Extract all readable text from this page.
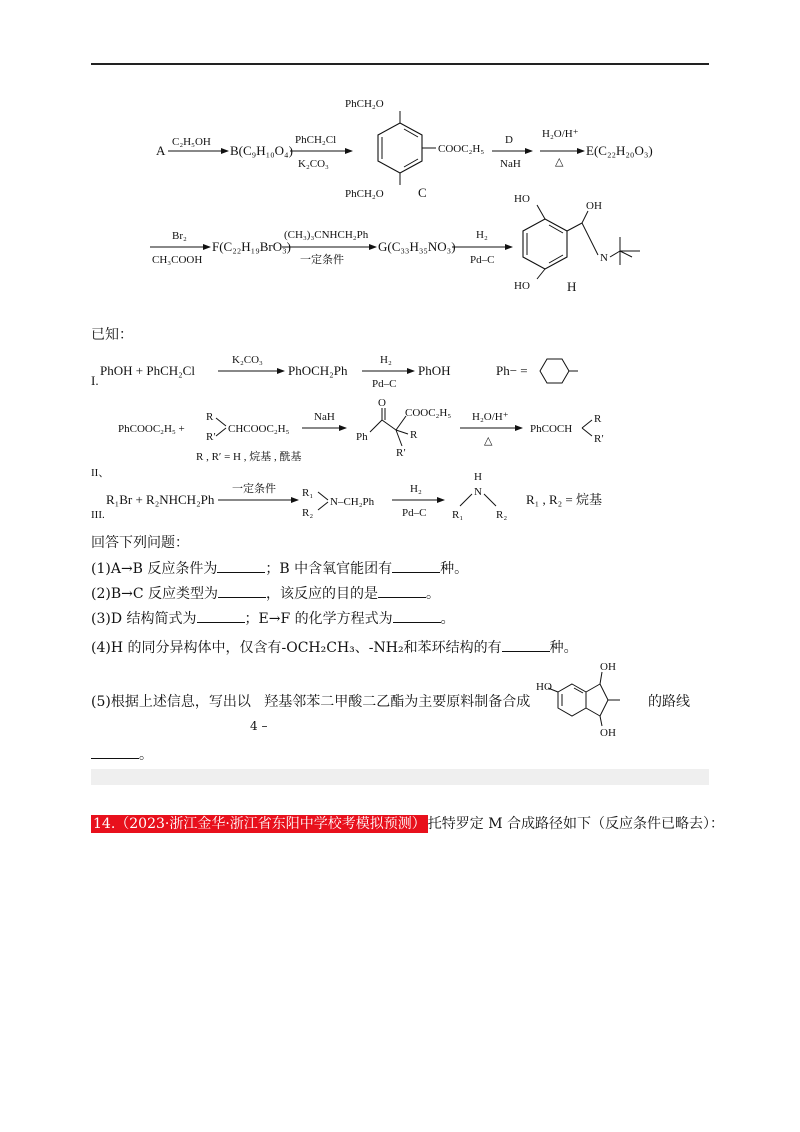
A
C₂H₅OH
B(C₉H₁₀O₄)
PhCH₂Cl
K₂CO₃
PhCH₂O
PhCH₂O
COOC₂H₅
C
D
NaH
H₂O/H⁺
△
E(C₂₂H₂₀O₃)
Br₂
CH₃COOH
F(C₂₂H₁₉BrO₃)
(CH₃)₃CNHCH₂Ph
一定条件
G(C₃₃H₃₅NO₃)
H₂
Pd–C
HO
HO
OH
N
H
已知：
I.
PhOH + PhCH₂Cl
K₂CO₃
PhOCH₂Ph
H₂
Pd–C
PhOH	Ph− =
PhCOOC₂H₅ +
R
R′
CHCOOC₂H₅
NaH
R , R′ = H , 烷基 , 酰基
Ph
O
COOC₂H₅
R
R′
H₂O/H⁺
△
PhCOCH
R
R′
II、
R₁Br + R₂NHCH₂Ph
一定条件 R₁
R₂
N–CH₂Ph
H₂
Pd–C
H
N
R₁	R₂
R₁ , R₂ = 烷基
III.
回答下列问题：
(1)A→B 反应条件为	；B 中含氧官能团有	种。
(2)B→C 反应类型为	，该反应的目的是	。
(3)D 结构简式为	；E→F 的化学方程式为	。
(4)H 的同分异构体中，仅含有-OCH₂CH₃、-NH₂和苯环结构的有	种。
(5)根据上述信息，写出以 羟基邻苯二甲酸二乙酯为主要原料制备合成
HO
OH
OH
的路线
4 –
。
14.（2023·浙江金华·浙江省东阳中学校考模拟预测） 托特罗定 M 合成路径如下（反应条件已略去）：
